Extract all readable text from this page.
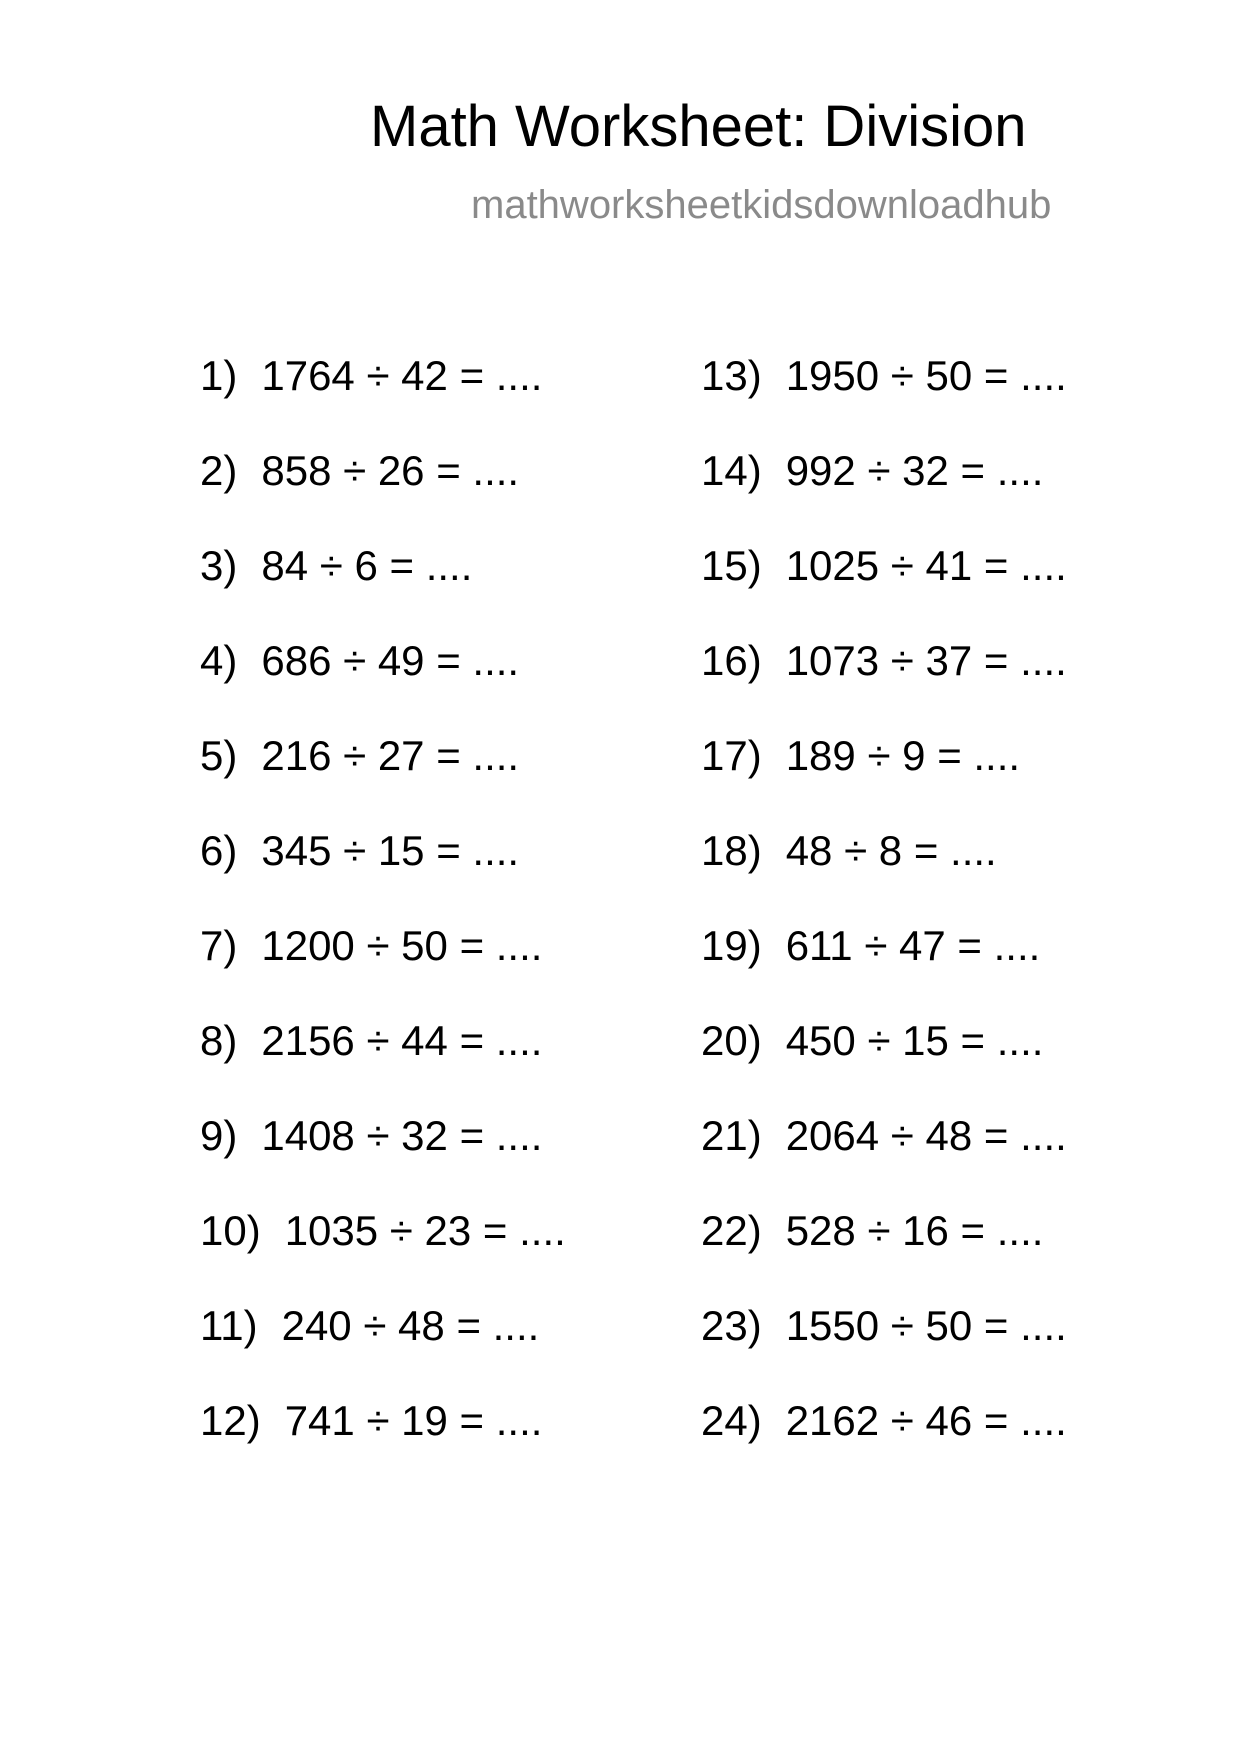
Math Worksheet: Division
mathworksheetkidsdownloadhub
1) 1764 ÷ 42 = ....
2) 858 ÷ 26 = ....
3) 84 ÷ 6 = ....
4) 686 ÷ 49 = ....
5) 216 ÷ 27 = ....
6) 345 ÷ 15 = ....
7) 1200 ÷ 50 = ....
8) 2156 ÷ 44 = ....
9) 1408 ÷ 32 = ....
10) 1035 ÷ 23 = ....
11) 240 ÷ 48 = ....
12) 741 ÷ 19 = ....
13) 1950 ÷ 50 = ....
14) 992 ÷ 32 = ....
15) 1025 ÷ 41 = ....
16) 1073 ÷ 37 = ....
17) 189 ÷ 9 = ....
18) 48 ÷ 8 = ....
19) 611 ÷ 47 = ....
20) 450 ÷ 15 = ....
21) 2064 ÷ 48 = ....
22) 528 ÷ 16 = ....
23) 1550 ÷ 50 = ....
24) 2162 ÷ 46 = ....
